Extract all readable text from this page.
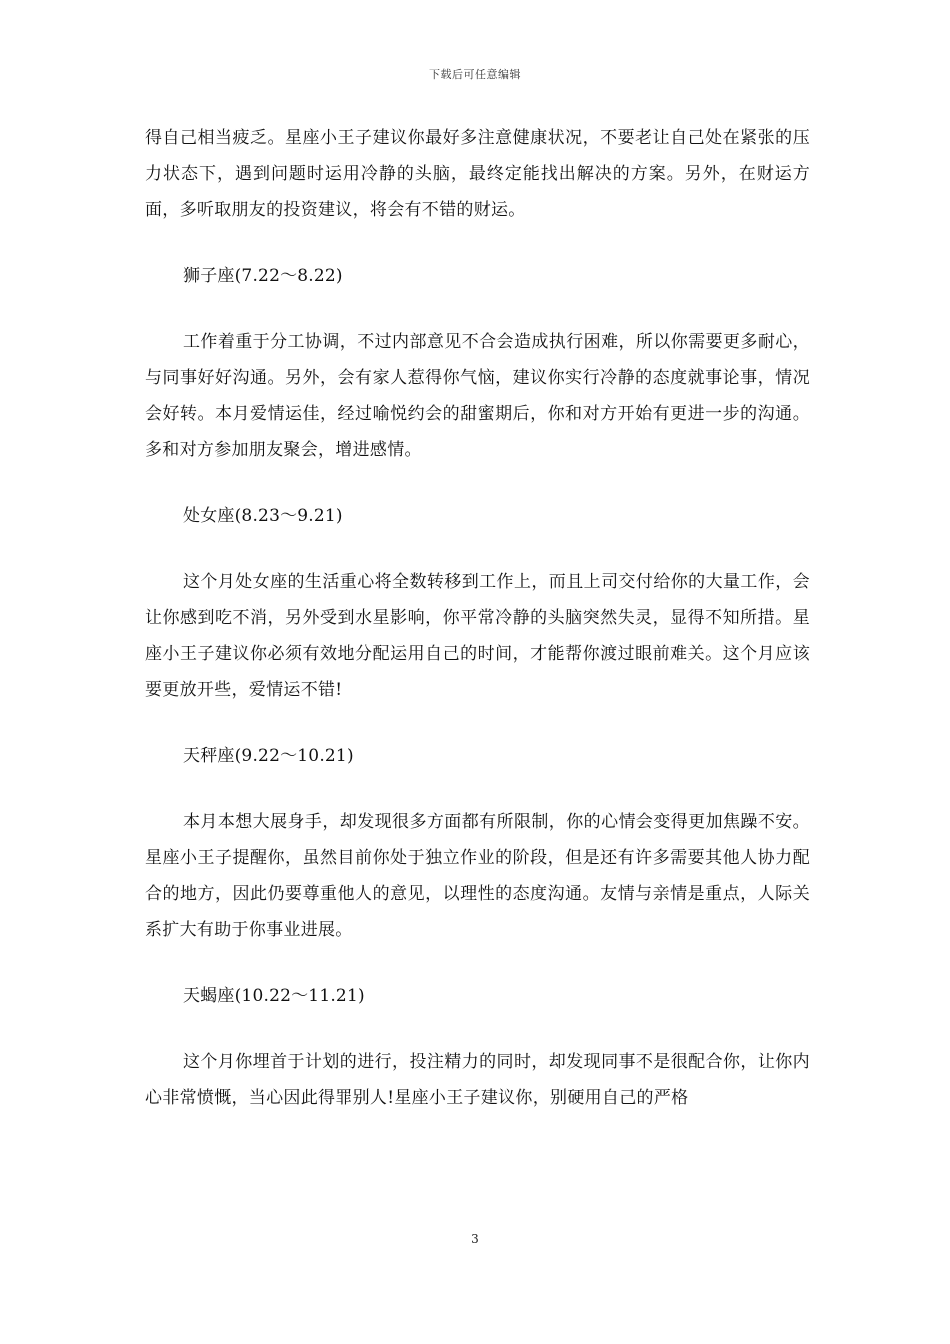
下载后可任意编辑

得自己相当疲乏。星座小王子建议你最好多注意健康状况，不要老让自己处在紧张的压力状态下，遇到问题时运用冷静的头脑，最终定能找出解决的方案。另外，在财运方面，多听取朋友的投资建议，将会有不错的财运。

狮子座(7.22～8.22)

工作着重于分工协调，不过内部意见不合会造成执行困难，所以你需要更多耐心，与同事好好沟通。另外，会有家人惹得你气恼，建议你实行冷静的态度就事论事，情况会好转。本月爱情运佳，经过喻悦约会的甜蜜期后，你和对方开始有更进一步的沟通。多和对方参加朋友聚会，增进感情。

处女座(8.23～9.21)

这个月处女座的生活重心将全数转移到工作上，而且上司交付给你的大量工作，会让你感到吃不消，另外受到水星影响，你平常冷静的头脑突然失灵，显得不知所措。星座小王子建议你必须有效地分配运用自己的时间，才能帮你渡过眼前难关。这个月应该要更放开些，爱情运不错!

天秤座(9.22～10.21)

本月本想大展身手，却发现很多方面都有所限制，你的心情会变得更加焦躁不安。星座小王子提醒你，虽然目前你处于独立作业的阶段，但是还有许多需要其他人协力配合的地方，因此仍要尊重他人的意见，以理性的态度沟通。友情与亲情是重点，人际关系扩大有助于你事业进展。

天蝎座(10.22～11.21)

这个月你埋首于计划的进行，投注精力的同时，却发现同事不是很配合你，让你内心非常愤慨，当心因此得罪别人!星座小王子建议你，别硬用自己的严格

3
